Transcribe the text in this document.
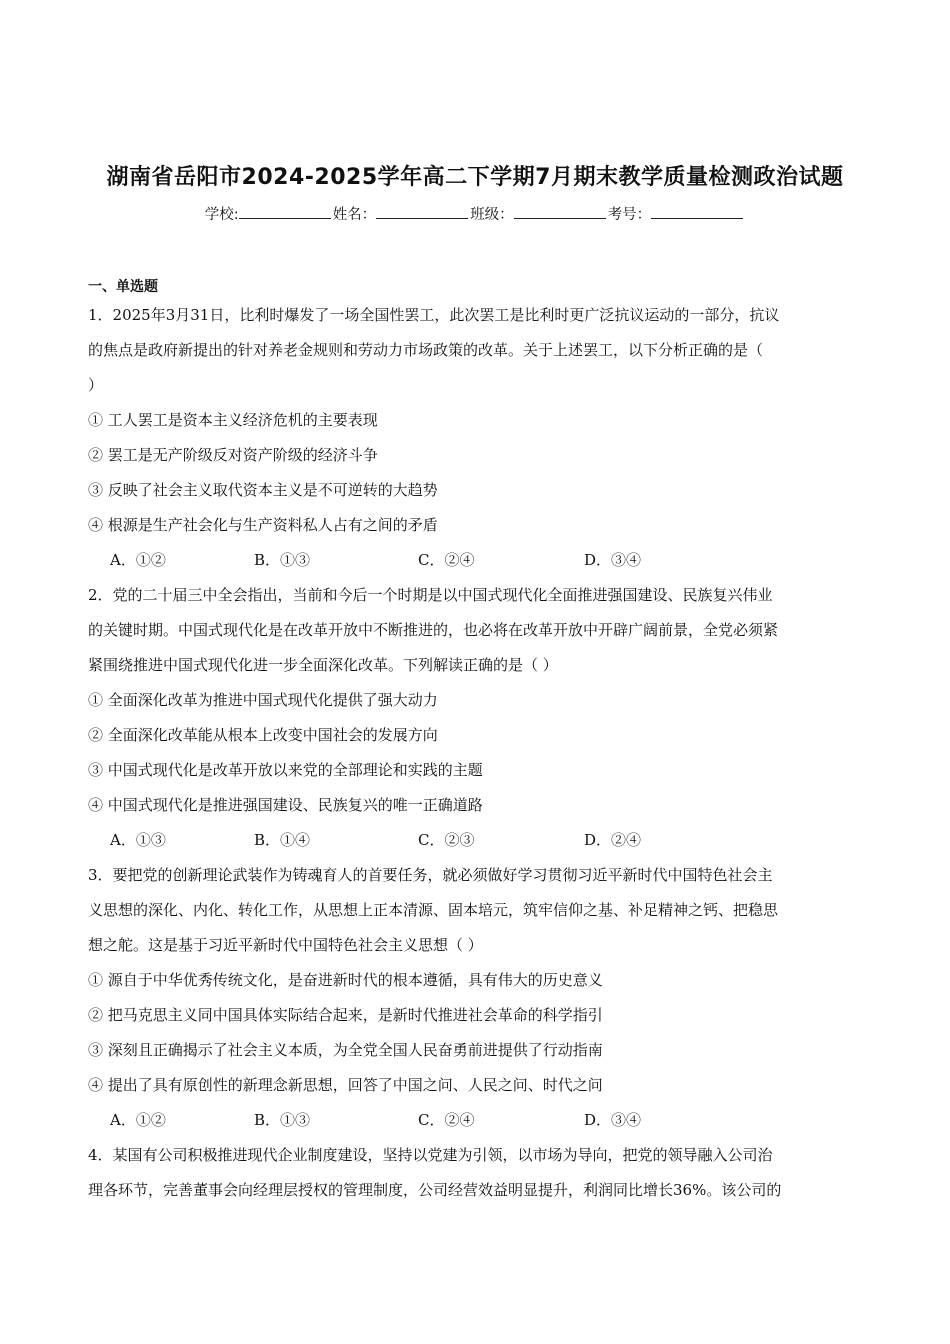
湖南省岳阳市2024-2025学年高二下学期7月期末教学质量检测政治试题
学校:	姓名：	班级：	考号：
一、单选题
1．2025年3月31日，比利时爆发了一场全国性罢工，此次罢工是比利时更广泛抗议运动的一部分，抗议
的焦点是政府新提出的针对养老金规则和劳动力市场政策的改革。关于上述罢工，以下分析正确的是（
）
① 工人罢工是资本主义经济危机的主要表现
② 罢工是无产阶级反对资产阶级的经济斗争
③ 反映了社会主义取代资本主义是不可逆转的大趋势
④ 根源是生产社会化与生产资料私人占有之间的矛盾
A．①②	B．①③	C．②④	D．③④
2．党的二十届三中全会指出，当前和今后一个时期是以中国式现代化全面推进强国建设、民族复兴伟业
的关键时期。中国式现代化是在改革开放中不断推进的，也必将在改革开放中开辟广阔前景，全党必须紧
紧围绕推进中国式现代化进一步全面深化改革。下列解读正确的是（ ）
① 全面深化改革为推进中国式现代化提供了强大动力
② 全面深化改革能从根本上改变中国社会的发展方向
③ 中国式现代化是改革开放以来党的全部理论和实践的主题
④ 中国式现代化是推进强国建设、民族复兴的唯一正确道路
A．①③	B．①④	C．②③	D．②④
3．要把党的创新理论武装作为铸魂育人的首要任务，就必须做好学习贯彻习近平新时代中国特色社会主
义思想的深化、内化、转化工作，从思想上正本清源、固本培元，筑牢信仰之基、补足精神之钙、把稳思
想之舵。这是基于习近平新时代中国特色社会主义思想（ ）
① 源自于中华优秀传统文化，是奋进新时代的根本遵循，具有伟大的历史意义
② 把马克思主义同中国具体实际结合起来，是新时代推进社会革命的科学指引
③ 深刻且正确揭示了社会主义本质，为全党全国人民奋勇前进提供了行动指南
④ 提出了具有原创性的新理念新思想，回答了中国之问、人民之问、时代之问
A．①②	B．①③	C．②④	D．③④
4．某国有公司积极推进现代企业制度建设，坚持以党建为引领，以市场为导向，把党的领导融入公司治
理各环节，完善董事会向经理层授权的管理制度，公司经营效益明显提升，利润同比增长36%。该公司的
